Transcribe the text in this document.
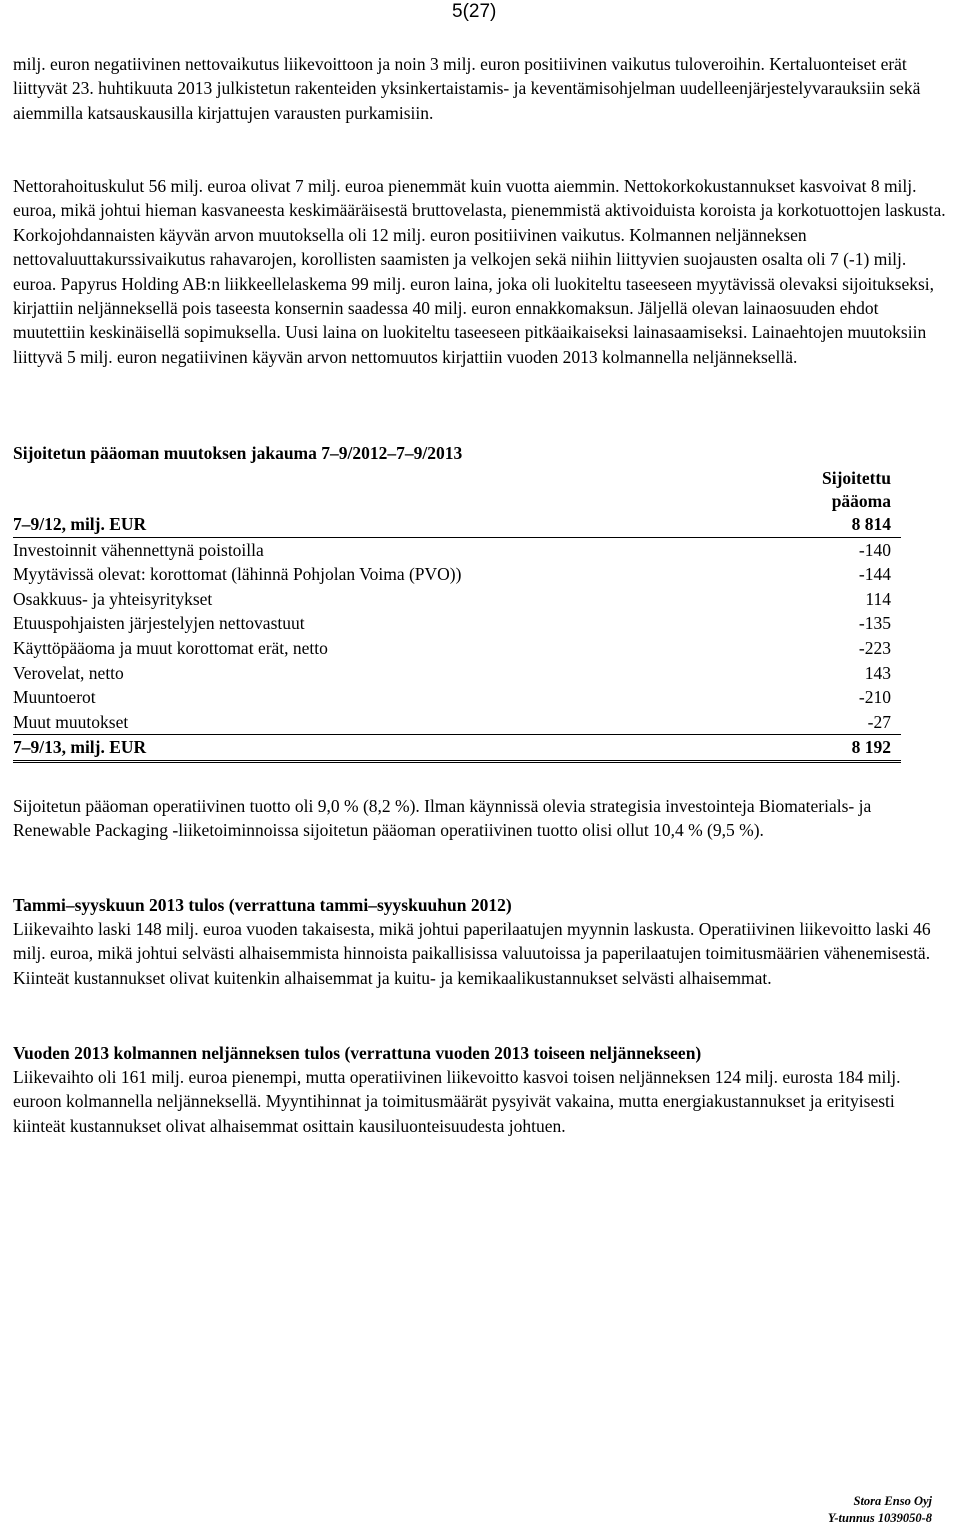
5(27)

milj. euron negatiivinen nettovaikutus liikevoittoon ja noin 3 milj. euron positiivinen vaikutus tuloveroihin. Kertaluonteiset erät liittyvät 23. huhtikuuta 2013 julkistetun rakenteiden yksinkertaistamis- ja keventämisohjelman uudelleenjärjestelyvarauksiin sekä aiemmilla katsauskausilla kirjattujen varausten purkamisiin.

Nettorahoituskulut 56 milj. euroa olivat 7 milj. euroa pienemmät kuin vuotta aiemmin. Nettokorkokustannukset kasvoivat 8 milj. euroa, mikä johtui hieman kasvaneesta keskimääräisestä bruttovelasta, pienemmistä aktivoiduista koroista ja korkotuottojen laskusta. Korkojohdannaisten käyvän arvon muutoksella oli 12 milj. euron positiivinen vaikutus. Kolmannen neljänneksen nettovaluuttakurssivaikutus rahavarojen, korollisten saamisten ja velkojen sekä niihin liittyvien suojausten osalta oli 7 (-1) milj. euroa. Papyrus Holding AB:n liikkeellelaskema 99 milj. euron laina, joka oli luokiteltu taseeseen myytävissä olevaksi sijoitukseksi, kirjattiin neljänneksellä pois taseesta konsernin saadessa 40 milj. euron ennakkomaksun. Jäljellä olevan lainaosuuden ehdot muutettiin keskinäisellä sopimuksella. Uusi laina on luokiteltu taseeseen pitkäaikaiseksi lainasaamiseksi. Lainaehtojen muutoksiin liittyvä 5 milj. euron negatiivinen käyvän arvon nettomuutos kirjattiin vuoden 2013 kolmannella neljänneksellä.

Sijoitetun pääoman muutoksen jakauma 7–9/2012–7–9/2013
Sijoitettu
pääoma
7–9/12, milj. EUR	8 814
Investoinnit vähennettynä poistoilla	-140
Myytävissä olevat: korottomat (lähinnä Pohjolan Voima (PVO))	-144
Osakkuus- ja yhteisyritykset	114
Etuuspohjaisten järjestelyjen nettovastuut	-135
Käyttöpääoma ja muut korottomat erät, netto	-223
Verovelat, netto	143
Muuntoerot	-210
Muut muutokset	-27
7–9/13, milj. EUR	8 192

Sijoitetun pääoman operatiivinen tuotto oli 9,0 % (8,2 %). Ilman käynnissä olevia strategisia investointeja Biomaterials- ja Renewable Packaging -liiketoiminnoissa sijoitetun pääoman operatiivinen tuotto olisi ollut 10,4 % (9,5 %).

Tammi–syyskuun 2013 tulos (verrattuna tammi–syyskuuhun 2012)

Liikevaihto laski 148 milj. euroa vuoden takaisesta, mikä johtui paperilaatujen myynnin laskusta. Operatiivinen liikevoitto laski 46 milj. euroa, mikä johtui selvästi alhaisemmista hinnoista paikallisissa valuutoissa ja paperilaatujen toimitusmäärien vähenemisestä. Kiinteät kustannukset olivat kuitenkin alhaisemmat ja kuitu- ja kemikaalikustannukset selvästi alhaisemmat.

Vuoden 2013 kolmannen neljänneksen tulos (verrattuna vuoden 2013 toiseen neljännekseen)

Liikevaihto oli 161 milj. euroa pienempi, mutta operatiivinen liikevoitto kasvoi toisen neljänneksen 124 milj. eurosta 184 milj. euroon kolmannella neljänneksellä. Myyntihinnat ja toimitusmäärät pysyivät vakaina, mutta energiakustannukset ja erityisesti kiinteät kustannukset olivat alhaisemmat osittain kausiluonteisuudesta johtuen.

Stora Enso Oyj
Y-tunnus 1039050-8
